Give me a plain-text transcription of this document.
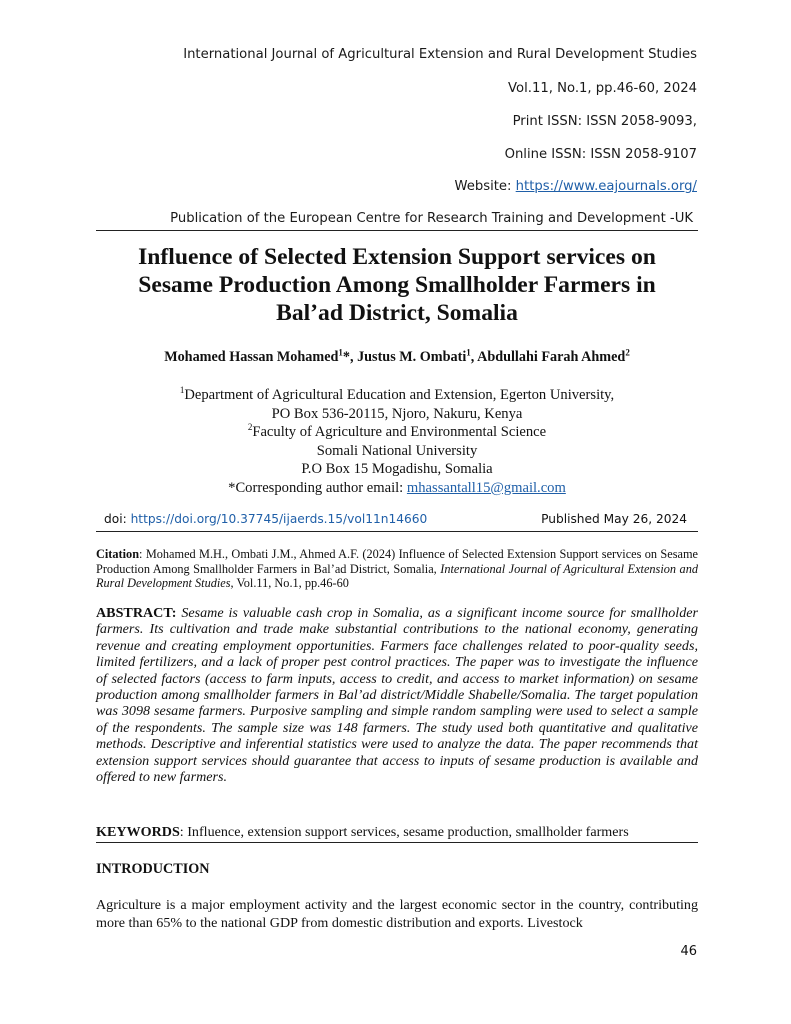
International Journal of Agricultural Extension and Rural Development Studies
Vol.11, No.1, pp.46-60, 2024
Print ISSN: ISSN 2058-9093,
Online ISSN: ISSN 2058-9107
Website: https://www.eajournals.org/
Publication of the European Centre for Research Training and Development -UK
Influence of Selected Extension Support services on
Sesame Production Among Smallholder Farmers in
Bal’ad District, Somalia
Mohamed Hassan Mohamed$^1$*, Justus M. Ombati$^1$, Abdullahi Farah Ahmed$^2$
$^1$Department of Agricultural Education and Extension, Egerton University,
PO Box 536-20115, Njoro, Nakuru, Kenya
$^2$Faculty of Agriculture and Environmental Science
Somali National University
P.O Box 15 Mogadishu, Somalia
*Corresponding author email: mhassantall15@gmail.com
doi: https://doi.org/10.37745/ijaerds.15/vol11n14660	Published May 26, 2024
Citation: Mohamed M.H., Ombati J.M., Ahmed A.F. (2024) Influence of Selected Extension Support services on Sesame Production Among Smallholder Farmers in Bal’ad District, Somalia, International Journal of Agricultural Extension and Rural Development Studies, Vol.11, No.1, pp.46-60
ABSTRACT: Sesame is valuable cash crop in Somalia, as a significant income source for smallholder farmers. Its cultivation and trade make substantial contributions to the national economy, generating revenue and creating employment opportunities. Farmers face challenges related to poor-quality seeds, limited fertilizers, and a lack of proper pest control practices. The paper was to investigate the influence of selected factors (access to farm inputs, access to credit, and access to market information) on sesame production among smallholder farmers in Bal’ad district/Middle Shabelle/Somalia. The target population was 3098 sesame farmers. Purposive sampling and simple random sampling were used to select a sample of the respondents. The sample size was 148 farmers. The study used both quantitative and qualitative methods. Descriptive and inferential statistics were used to analyze the data. The paper recommends that extension support services should guarantee that access to inputs of sesame production is available and offered to new farmers.
KEYWORDS: Influence, extension support services, sesame production, smallholder farmers
INTRODUCTION
Agriculture is a major employment activity and the largest economic sector in the country, contributing more than 65% to the national GDP from domestic distribution and exports. Livestock
46
